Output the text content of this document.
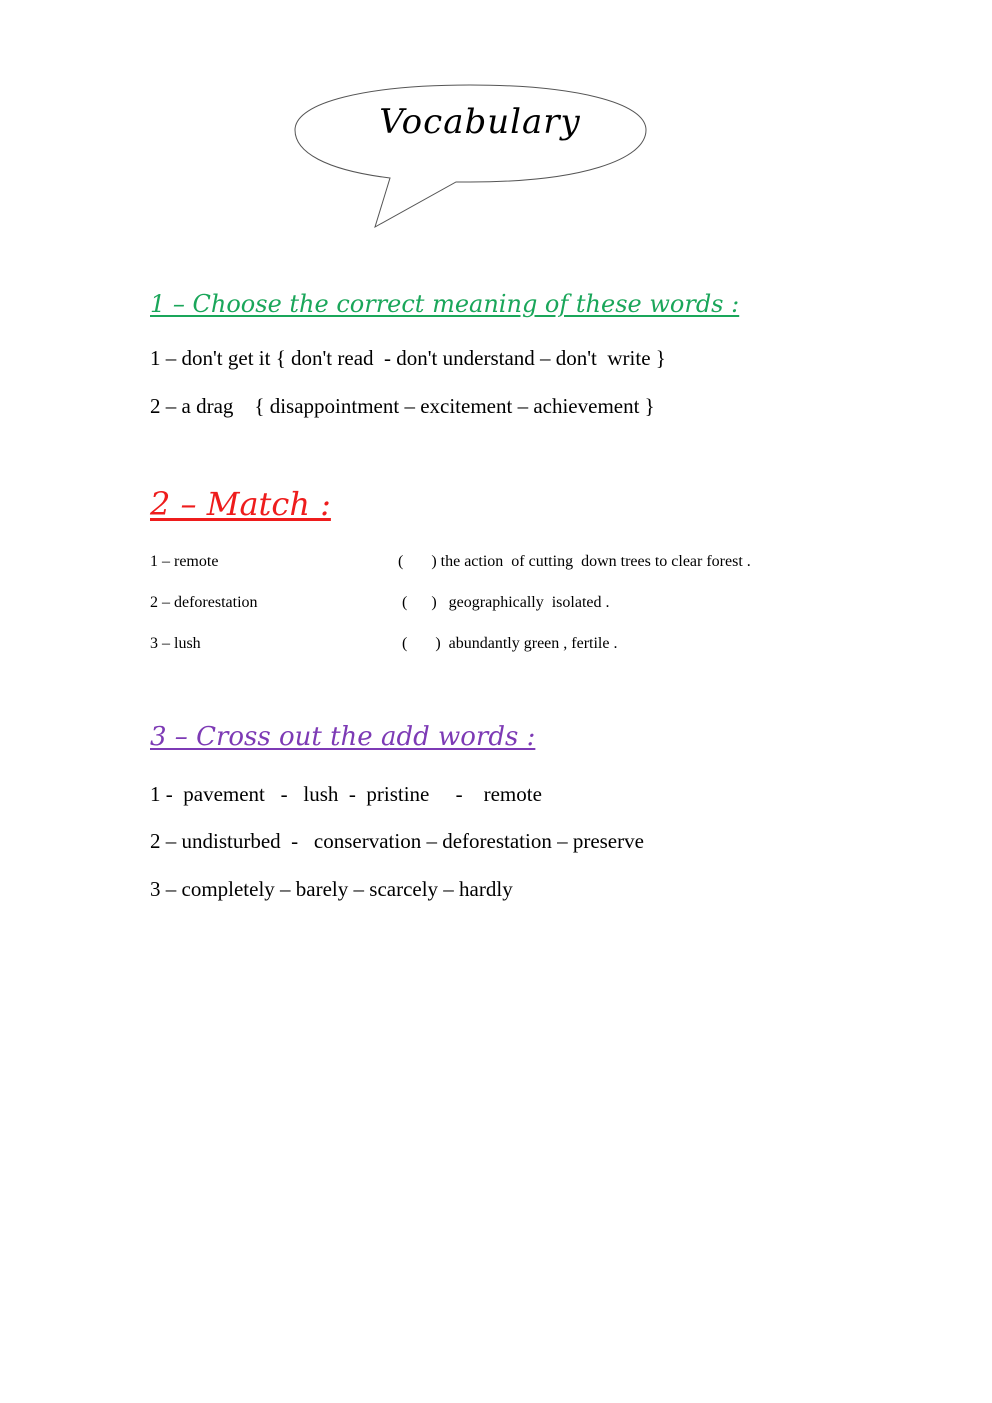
Vocabulary
1 – Choose the correct meaning of these words :
1 – don't get it { don't read  - don't understand – don't  write }
2 – a drag    { disappointment – excitement – achievement }
2 – Match :
1 – remote	(       ) the action  of cutting  down trees to clear forest .
2 – deforestation	(      )   geographically  isolated .
3 – lush	(       )  abundantly green , fertile .
3 – Cross out the add words :
1 -  pavement   -   lush  -  pristine     -    remote
2 – undisturbed  -   conservation – deforestation – preserve
3 – completely – barely – scarcely – hardly
